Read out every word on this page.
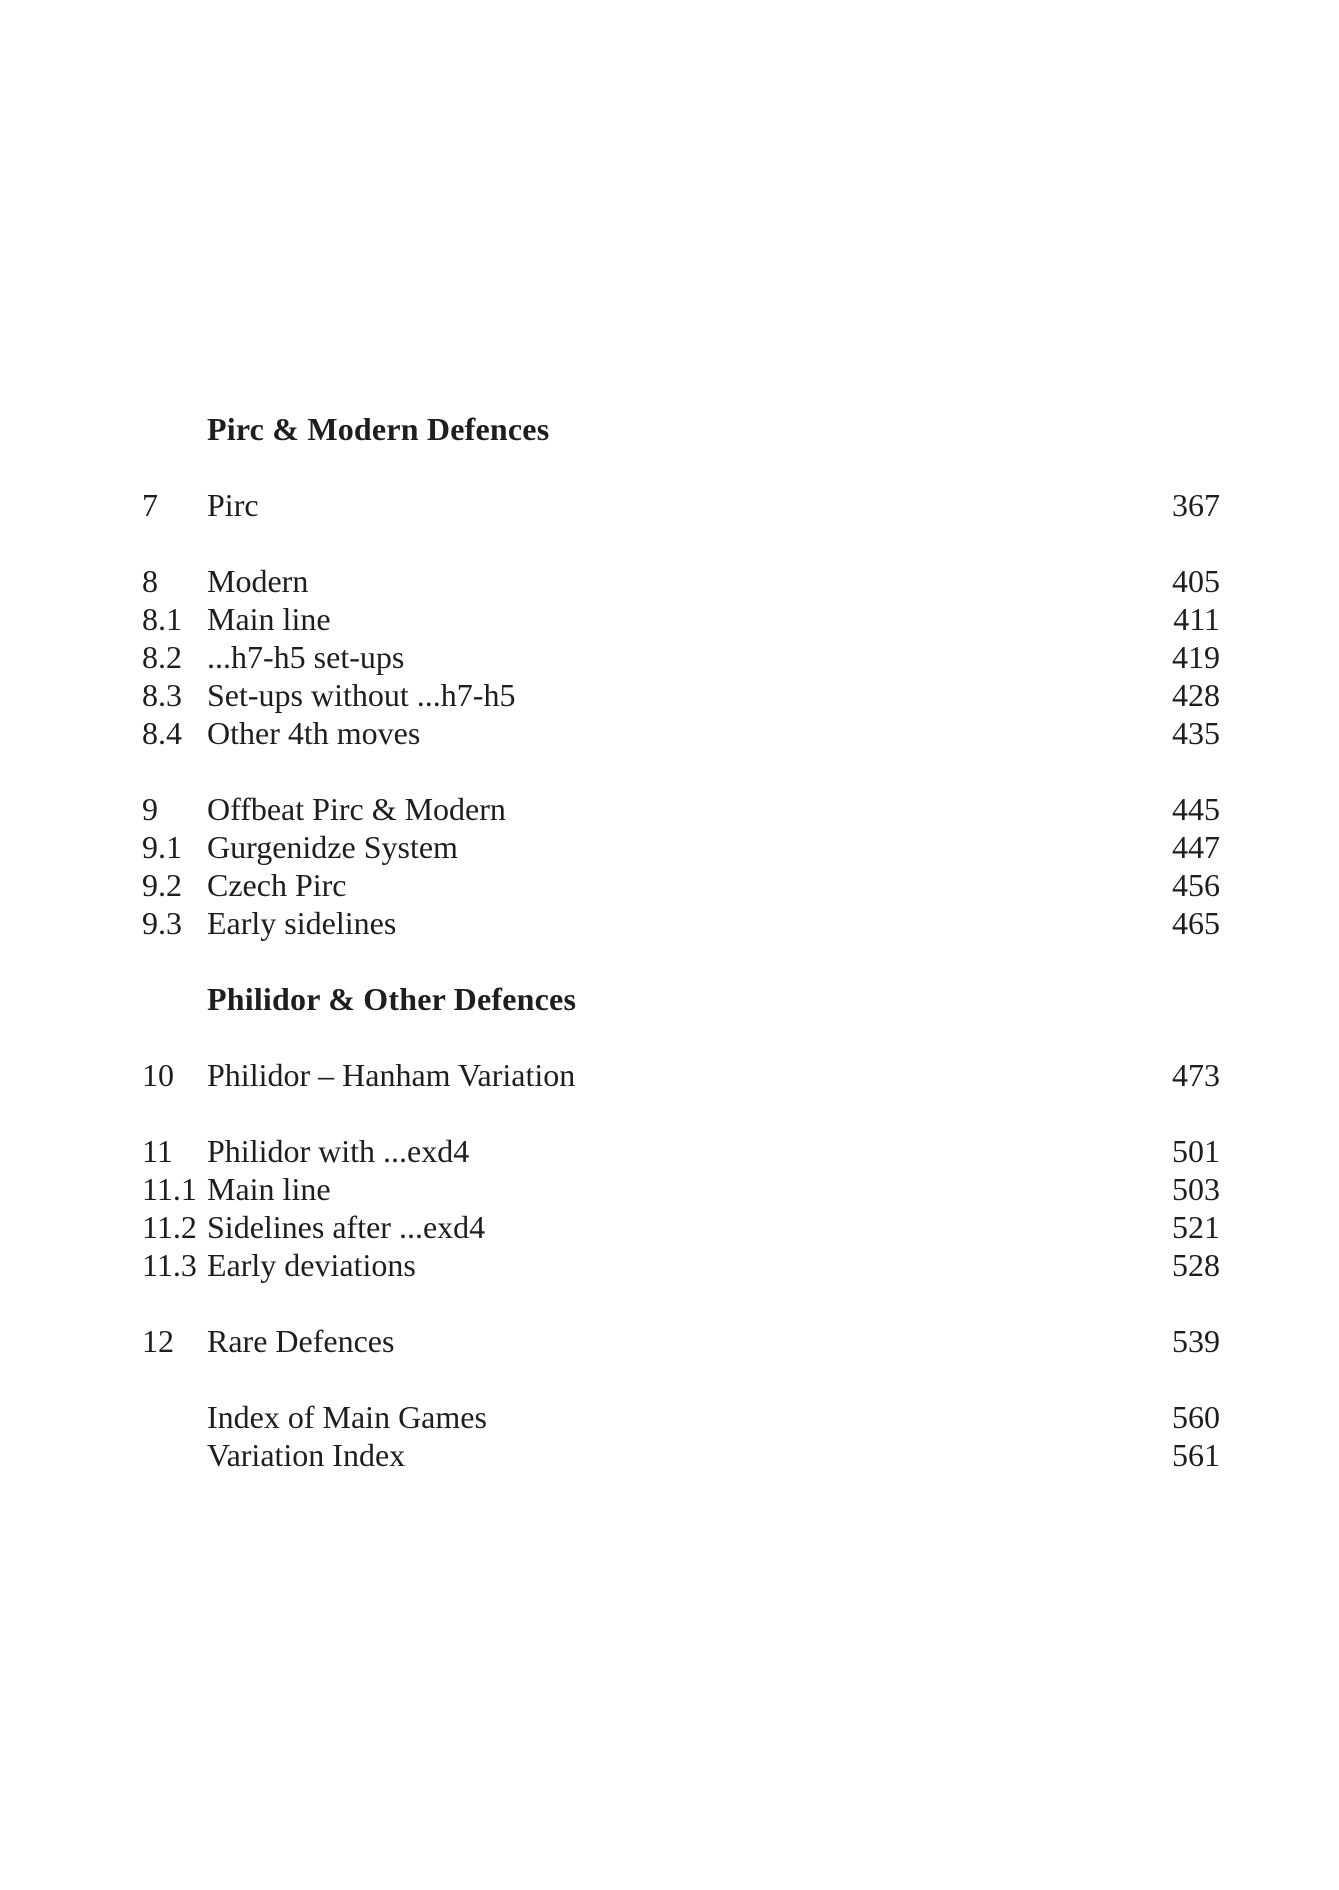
Pirc & Modern Defences
7	Pirc	367
8	Modern	405
8.1 Main line	411
8.2 ...h7-h5 set-ups	419
8.3 Set-ups without ...h7-h5	428
8.4 Other 4th moves	435
9	Offbeat Pirc & Modern	445
9.1 Gurgenidze System	447
9.2 Czech Pirc	456
9.3 Early sidelines	465
Philidor & Other Defences
10	Philidor – Hanham Variation	473
11	Philidor with ...exd4	501
11.1 Main line	503
11.2 Sidelines after ...exd4	521
11.3 Early deviations	528
12	Rare Defences	539
Index of Main Games	560
Variation Index	561
